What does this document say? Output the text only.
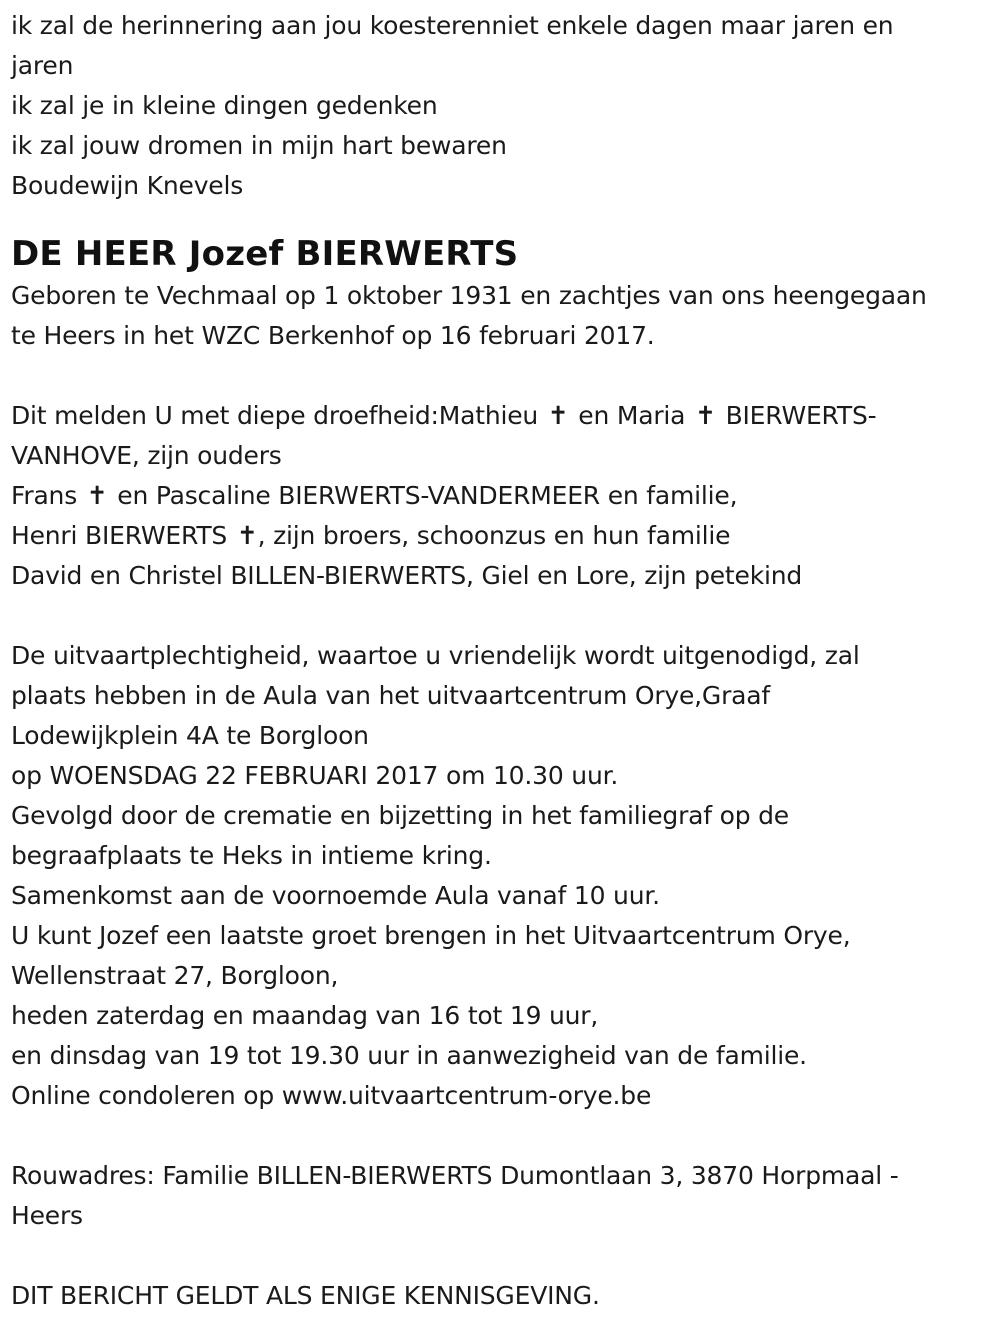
ik zal de herinnering aan jou koesterenniet enkele dagen maar jaren en
jaren
ik zal je in kleine dingen gedenken
ik zal jouw dromen in mijn hart bewaren
Boudewijn Knevels
DE HEER Jozef BIERWERTS
Geboren te Vechmaal op 1 oktober 1931 en zachtjes van ons heengegaan
te Heers in het WZC Berkenhof op 16 februari 2017.
Dit melden U met diepe droefheid:Mathieu ✝ en Maria ✝ BIERWERTS-
VANHOVE, zijn ouders
Frans ✝ en Pascaline BIERWERTS-VANDERMEER en familie,
Henri BIERWERTS ✝, zijn broers, schoonzus en hun familie
David en Christel BILLEN-BIERWERTS, Giel en Lore, zijn petekind
De uitvaartplechtigheid, waartoe u vriendelijk wordt uitgenodigd, zal
plaats hebben in de Aula van het uitvaartcentrum Orye,Graaf
Lodewijkplein 4A te Borgloon
op WOENSDAG 22 FEBRUARI 2017 om 10.30 uur.
Gevolgd door de crematie en bijzetting in het familiegraf op de
begraafplaats te Heks in intieme kring.
Samenkomst aan de voornoemde Aula vanaf 10 uur.
U kunt Jozef een laatste groet brengen in het Uitvaartcentrum Orye,
Wellenstraat 27, Borgloon,
heden zaterdag en maandag van 16 tot 19 uur,
en dinsdag van 19 tot 19.30 uur in aanwezigheid van de familie.
Online condoleren op www.uitvaartcentrum-orye.be
Rouwadres: Familie BILLEN-BIERWERTS Dumontlaan 3, 3870 Horpmaal -
Heers
DIT BERICHT GELDT ALS ENIGE KENNISGEVING.
